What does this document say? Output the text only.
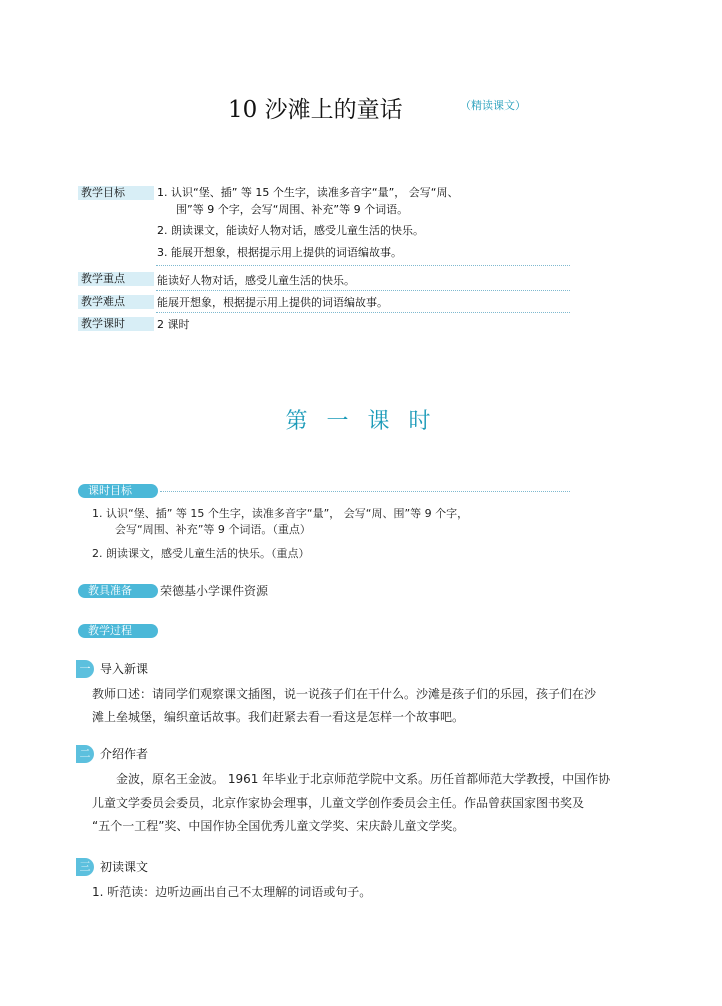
10 沙滩上的童话	（精读课文）
教学目标	1. 认识“堡、插” 等 15 个生字，读准多音字“量”， 会写“周、
围”等 9 个字，会写“周围、补充”等 9 个词语。
2. 朗读课文，能读好人物对话，感受儿童生活的快乐。
3. 能展开想象，根据提示用上提供的词语编故事。
教学重点	能读好人物对话，感受儿童生活的快乐。
教学难点	能展开想象，根据提示用上提供的词语编故事。
教学课时	2 课时
第 一 课 时
课时目标
1. 认识“堡、插” 等 15 个生字，读准多音字“量”， 会写“周、围”等 9 个字，
会写“周围、补充”等 9 个词语。（重点）
2. 朗读课文，感受儿童生活的快乐。（重点）
教具准备	荣德基小学课件资源
教学过程
一 导入新课
教师口述：请同学们观察课文插图，说一说孩子们在干什么。沙滩是孩子们的乐园，孩子们在沙
滩上垒城堡，编织童话故事。我们赶紧去看一看这是怎样一个故事吧。
二 介绍作者
金波，原名王金波。 1961 年毕业于北京师范学院中文系。历任首都师范大学教授，中国作协
儿童文学委员会委员，北京作家协会理事，儿童文学创作委员会主任。作品曾获国家图书奖及
“五个一工程”奖、中国作协全国优秀儿童文学奖、宋庆龄儿童文学奖。
三 初读课文
1. 听范读：边听边画出自己不太理解的词语或句子。
